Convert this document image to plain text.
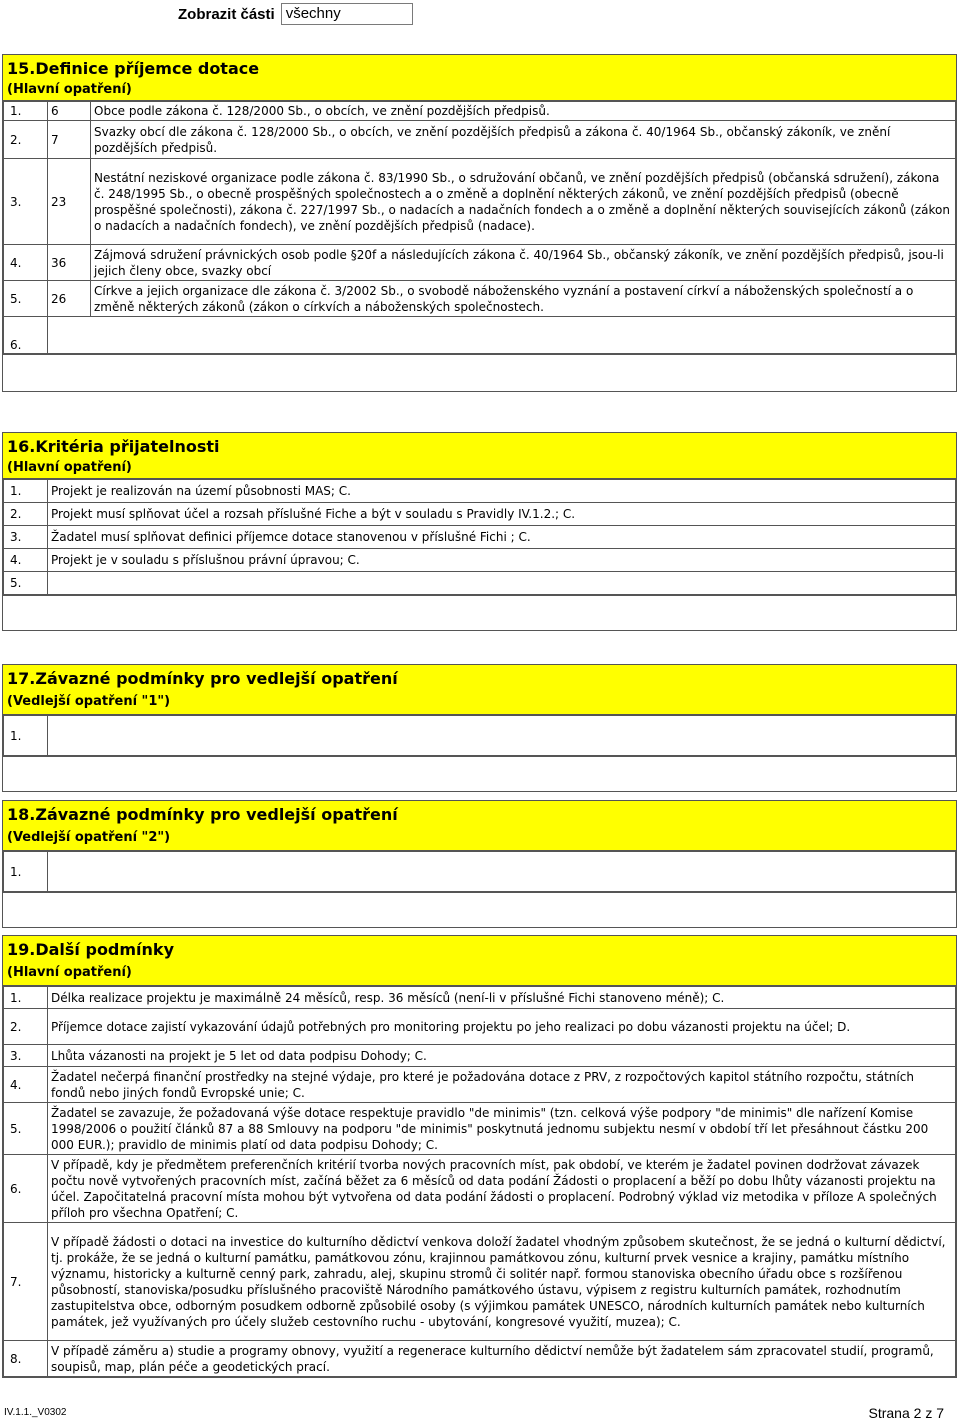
Zobrazit části všechny
15.Definice příjemce dotace
(Hlavní opatření)
1.	6	Obce podle zákona č. 128/2000 Sb., o obcích, ve znění pozdějších předpisů.
2.	7	Svazky obcí dle zákona č. 128/2000 Sb., o obcích, ve znění pozdějších předpisů a zákona č. 40/1964 Sb., občanský zákoník, ve znění pozdějších předpisů.
3.	23	Nestátní neziskové organizace podle zákona č. 83/1990 Sb., o sdružování občanů, ve znění pozdějších předpisů (občanská sdružení), zákona č. 248/1995 Sb., o obecně prospěšných společnostech a o změně a doplnění některých zákonů, ve znění pozdějších předpisů (obecně prospěšné společnosti), zákona č. 227/1997 Sb., o nadacích a nadačních fondech a o změně a doplnění některých souvisejících zákonů (zákon o nadacích a nadačních fondech), ve znění pozdějších předpisů (nadace).
4.	36	Zájmová sdružení právnických osob podle §20f a následujících zákona č. 40/1964 Sb., občanský zákoník, ve znění pozdějších předpisů, jsou-li jejich členy obce, svazky obcí
5.	26	Církve a jejich organizace dle zákona č. 3/2002 Sb., o svobodě náboženského vyznání a postavení církví a náboženských společností a o změně některých zákonů (zákon o církvích a náboženských společnostech.
6.		
16.Kritéria přijatelnosti
(Hlavní opatření)
1.	Projekt je realizován na území působnosti MAS; C.
2.	Projekt musí splňovat účel a rozsah příslušné Fiche a být v souladu s Pravidly IV.1.2.; C.
3.	Žadatel musí splňovat definici příjemce dotace stanovenou v příslušné Fichi ; C.
4.	Projekt je v souladu s příslušnou právní úpravou; C.
5.	
17.Závazné podmínky pro vedlejší opatření
(Vedlejší opatření "1")
1.	
18.Závazné podmínky pro vedlejší opatření
(Vedlejší opatření "2")
1.	
19.Další podmínky
(Hlavní opatření)
1.	Délka realizace projektu je maximálně 24 měsíců, resp. 36 měsíců (není-li v příslušné Fichi stanoveno méně); C.
2.	Příjemce dotace zajistí vykazování údajů potřebných pro monitoring projektu po jeho realizaci po dobu vázanosti projektu na účel; D.
3.	Lhůta vázanosti na projekt je 5 let od data podpisu Dohody; C.
4.	Žadatel nečerpá finanční prostředky na stejné výdaje, pro které je požadována dotace z PRV, z rozpočtových kapitol státního rozpočtu, státních fondů nebo jiných fondů Evropské unie; C.
5.	Žadatel se zavazuje, že požadovaná výše dotace respektuje pravidlo "de minimis" (tzn. celková výše podpory "de minimis" dle nařízení Komise 1998/2006 o použití článků 87 a 88 Smlouvy na podporu "de minimis" poskytnutá jednomu subjektu nesmí v období tří let přesáhnout částku 200 000 EUR.); pravidlo de minimis platí od data podpisu Dohody; C.
6.	V případě, kdy je předmětem preferenčních kritérií tvorba nových pracovních míst, pak období, ve kterém je žadatel povinen dodržovat závazek počtu nově vytvořených pracovních míst, začíná běžet za 6 měsíců od data podání Žádosti o proplacení a běží po dobu lhůty vázanosti projektu na účel. Započitatelná pracovní místa mohou být vytvořena od data podání žádosti o proplacení. Podrobný výklad viz metodika v příloze A společných příloh pro všechna Opatření; C.
7.	V případě žádosti o dotaci na investice do kulturního dědictví venkova doloží žadatel vhodným způsobem skutečnost, že se jedná o kulturní dědictví, tj. prokáže, že se jedná o kulturní památku, památkovou zónu, krajinnou památkovou zónu, kulturní prvek vesnice a krajiny, památku místního významu, historicky a kulturně cenný park, zahradu, alej, skupinu stromů či solitér např. formou stanoviska obecního úřadu obce s rozšířenou působností, stanoviska/posudku příslušného pracoviště Národního památkového ústavu, výpisem z registru kulturních památek, rozhodnutím zastupitelstva obce, odborným posudkem odborně způsobilé osoby (s výjimkou památek UNESCO, národních kulturních památek nebo kulturních památek, jež využívaných pro účely služeb cestovního ruchu - ubytování, kongresové využití, muzea); C.
8.	V případě záměru a) studie a programy obnovy, využití a regenerace kulturního dědictví nemůže být žadatelem sám zpracovatel studií, programů, soupisů, map, plán péče a geodetických prací.
IV.1.1._V0302	Strana 2 z 7
